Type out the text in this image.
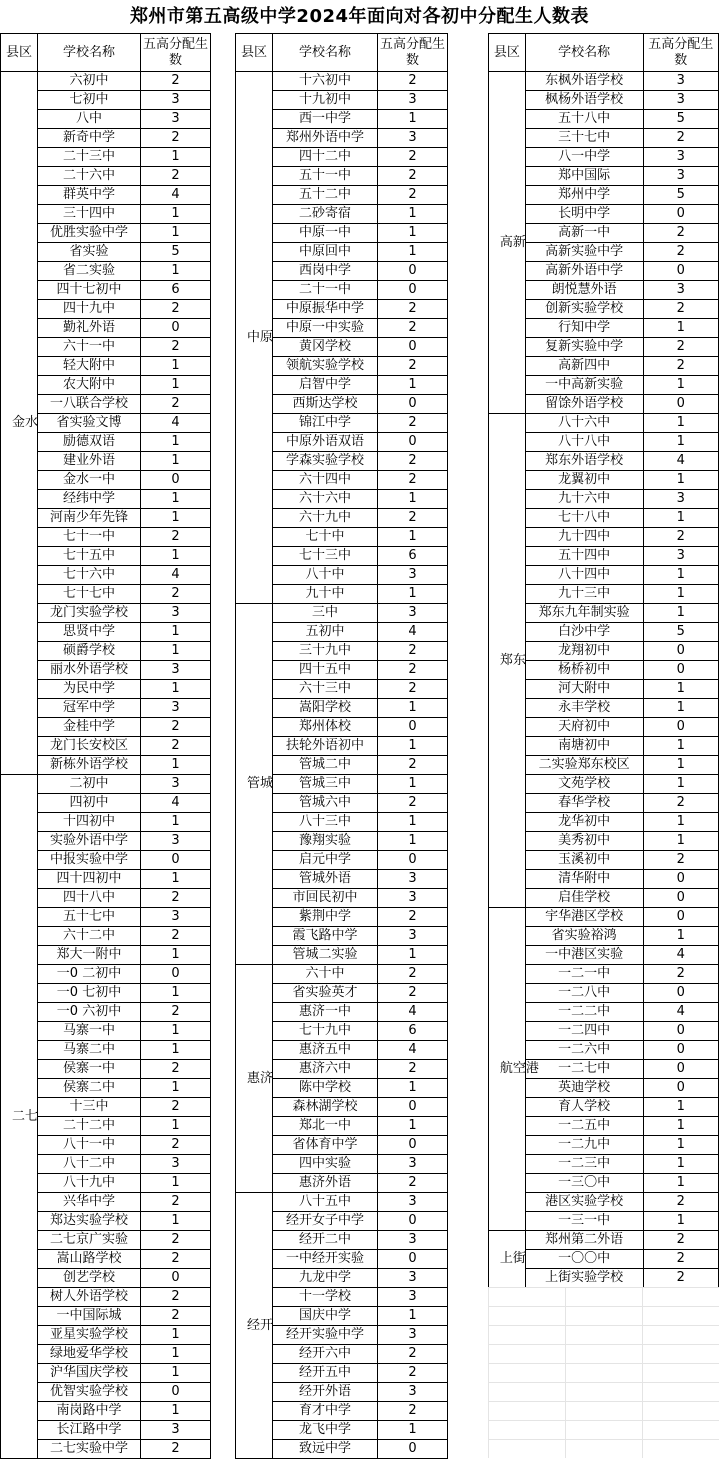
郑州市第五高级中学2024年面向对各初中分配生人数表
县区	学校名称	五高分配生数
金水	六初中	2
	七初中	3
	八中	3
	新奇中学	2
	二十三中	1
	二十六中	2
	群英中学	4
	三十四中	1
	优胜实验中学	1
	省实验	5
	省二实验	1
	四十七初中	6
	四十九中	2
	勤礼外语	0
	六十一中	2
	轻大附中	1
	农大附中	1
	一八联合学校	2
	省实验文博	4
	励德双语	1
	建业外语	1
	金水一中	0
	经纬中学	1
	河南少年先锋	1
	七十一中	2
	七十五中	1
	七十六中	4
	七十七中	2
	龙门实验学校	3
	思贤中学	1
	硕爵学校	1
	丽水外语学校	3
	为民中学	1
	冠军中学	3
	金桂中学	2
	龙门长安校区	2
	新栋外语学校	1
二七	二初中	3
	四初中	4
	十四初中	1
	实验外语中学	3
	中报实验中学	0
	四十四初中	1
	四十八中	2
	五十七中	3
	六十二中	2
	郑大一附中	1
	一0 二初中	0
	一0 七初中	1
	一0 六初中	2
	马寨一中	1
	马寨二中	1
	侯寨一中	2
	侯寨二中	1
	十三中	2
	二十二中	1
	八十一中	2
	八十二中	3
	八十九中	1
	兴华中学	2
	郑达实验学校	1
	二七京广实验	2
	嵩山路学校	2
	创艺学校	0
	树人外语学校	2
	一中国际城	2
	亚星实验学校	1
	绿地爱华学校	1
	沪华国庆学校	1
	优智实验学校	0
	南岗路中学	1
	长江路中学	3
	二七实验中学	2
县区	学校名称	五高分配生数
中原	十六初中	2
	十九初中	3
	西一中学	1
	郑州外语中学	3
	四十二中	2
	五十一中	2
	五十二中	2
	二砂寄宿	1
	中原一中	1
	中原回中	1
	西岗中学	0
	二十一中	0
	中原振华中学	2
	中原一中实验	2
	黄冈学校	0
	领航实验学校	2
	启智中学	1
	西斯达学校	0
	锦江中学	2
	中原外语双语	0
	学森实验学校	2
	六十四中	2
	六十六中	1
	六十九中	2
	七十中	1
	七十三中	6
	八十中	3
	九十中	1
管城	三中	3
	五初中	4
	三十九中	2
	四十五中	2
	六十三中	2
	嵩阳学校	1
	郑州体校	0
	扶轮外语初中	1
	管城二中	2
	管城三中	1
	管城六中	2
	八十三中	1
	豫翔实验	1
	启元中学	0
	管城外语	3
	市回民初中	3
	紫荆中学	2
	霞飞路中学	3
	管城二实验	1
惠济	六十中	2
	省实验英才	2
	惠济一中	4
	七十九中	6
	惠济五中	4
	惠济六中	2
	陈中学校	1
	森林湖学校	0
	郑北一中	1
	省体育中学	0
	四中实验	3
	惠济外语	2
经开	八十五中	3
	经开女子中学	0
	经开二中	3
	一中经开实验	0
	九龙中学	3
	十一学校	3
	国庆中学	1
	经开实验中学	3
	经开六中	2
	经开五中	2
	经开外语	3
	育才中学	2
	龙飞中学	1
	致远中学	0
县区	学校名称	五高分配生数
高新	东枫外语学校	3
	枫杨外语学校	3
	五十八中	5
	三十七中	2
	八一中学	3
	郑中国际	3
	郑州中学	5
	长明中学	0
	高新一中	2
	高新实验中学	2
	高新外语中学	0
	朗悦慧外语	3
	创新实验学校	2
	行知中学	1
	复新实验中学	2
	高新四中	2
	一中高新实验	1
	留馀外语学校	0
郑东	八十六中	1
	八十八中	1
	郑东外语学校	4
	龙翼初中	1
	九十六中	3
	七十八中	1
	九十四中	2
	五十四中	3
	八十四中	1
	九十三中	1
	郑东九年制实验	1
	白沙中学	5
	龙翔初中	0
	杨桥初中	0
	河大附中	1
	永丰学校	1
	天府初中	0
	南塘初中	1
	二实验郑东校区	1
	文苑学校	1
	春华学校	2
	龙华初中	1
	美秀初中	1
	玉溪初中	2
	清华附中	0
	启佳学校	0
航空港	宇华港区学校	0
	省实验裕鸿	1
	一中港区实验	4
	一二一中	2
	一二八中	0
	一二二中	4
	一二四中	0
	一二六中	0
	一二七中	0
	英迪学校	0
	育人学校	1
	一二五中	1
	一二九中	1
	一二三中	1
	一三〇中	1
	港区实验学校	2
	一三一中	1
上街	郑州第二外语	2
	一〇〇中	2
	上街实验学校	2
